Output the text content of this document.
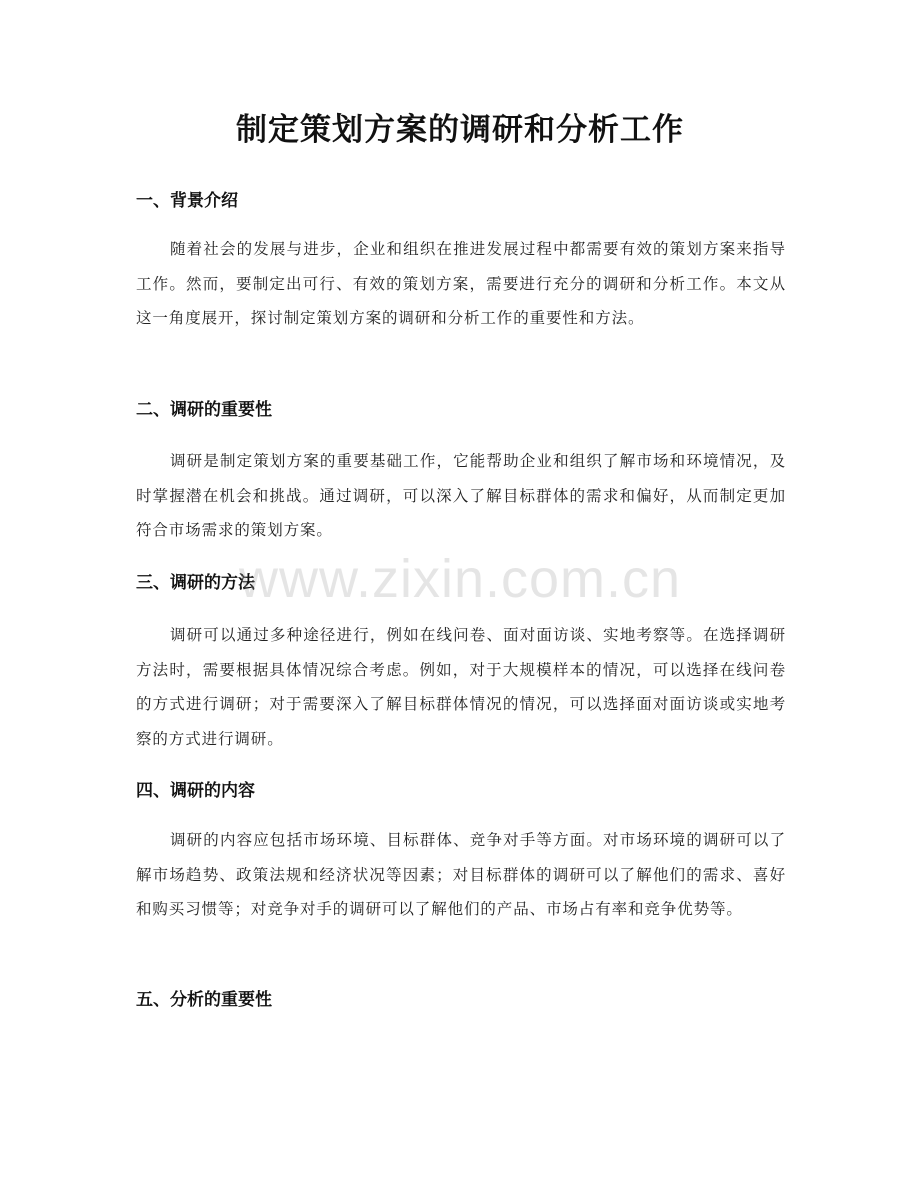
制定策划方案的调研和分析工作
一、背景介绍
随着社会的发展与进步，企业和组织在推进发展过程中都需要有效的策划方案来指导工作。然而，要制定出可行、有效的策划方案，需要进行充分的调研和分析工作。本文从这一角度展开，探讨制定策划方案的调研和分析工作的重要性和方法。
二、调研的重要性
调研是制定策划方案的重要基础工作，它能帮助企业和组织了解市场和环境情况，及时掌握潜在机会和挑战。通过调研，可以深入了解目标群体的需求和偏好，从而制定更加符合市场需求的策划方案。
三、调研的方法
调研可以通过多种途径进行，例如在线问卷、面对面访谈、实地考察等。在选择调研方法时，需要根据具体情况综合考虑。例如，对于大规模样本的情况，可以选择在线问卷的方式进行调研；对于需要深入了解目标群体情况的情况，可以选择面对面访谈或实地考察的方式进行调研。
四、调研的内容
调研的内容应包括市场环境、目标群体、竞争对手等方面。对市场环境的调研可以了解市场趋势、政策法规和经济状况等因素；对目标群体的调研可以了解他们的需求、喜好和购买习惯等；对竞争对手的调研可以了解他们的产品、市场占有率和竞争优势等。
五、分析的重要性
www.zixin.com.cn
